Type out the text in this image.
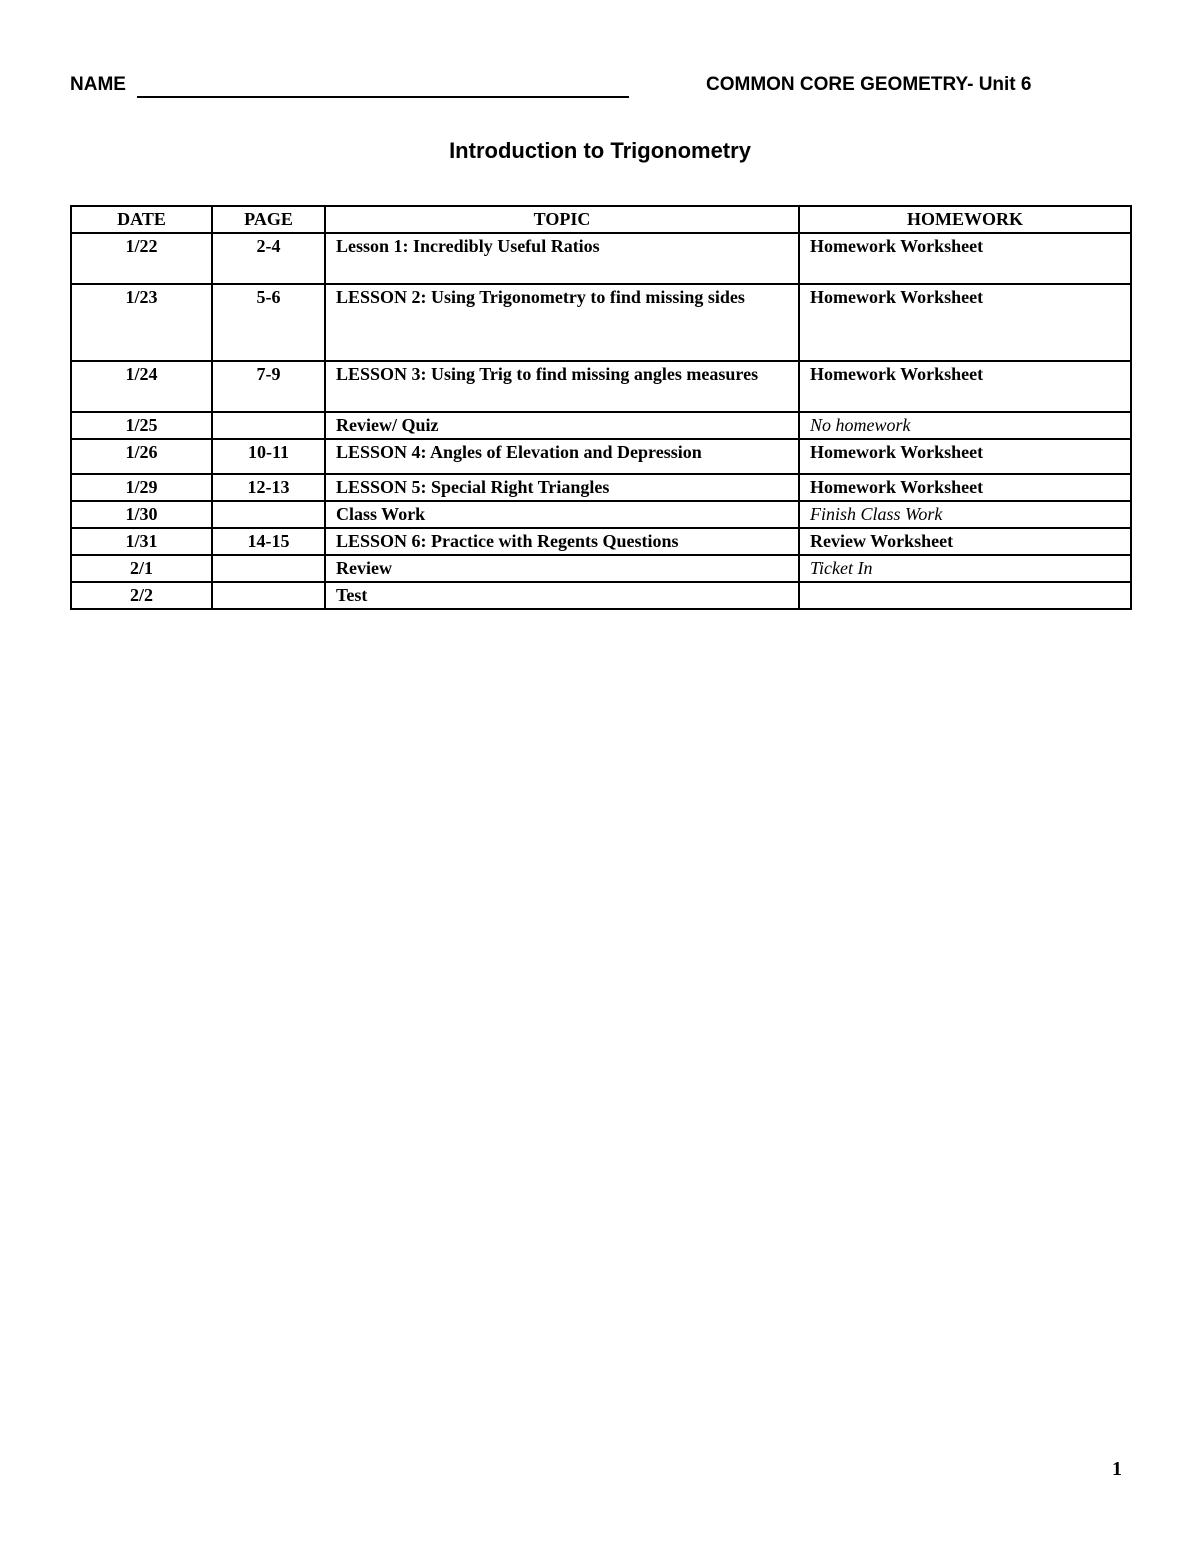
NAME	COMMON CORE GEOMETRY- Unit 6
Introduction to Trigonometry
DATE	PAGE	TOPIC	HOMEWORK
1/22	2-4	Lesson 1: Incredibly Useful Ratios	Homework Worksheet
1/23	5-6	LESSON 2: Using Trigonometry to find missing sides	Homework Worksheet
1/24	7-9	LESSON 3: Using Trig to find missing angles measures	Homework Worksheet
1/25		Review/ Quiz	No homework
1/26	10-11	LESSON 4: Angles of Elevation and Depression	Homework Worksheet
1/29	12-13	LESSON 5: Special Right Triangles	Homework Worksheet
1/30		Class Work	Finish Class Work
1/31	14-15	LESSON 6: Practice with Regents Questions	Review Worksheet
2/1		Review	Ticket In
2/2		Test	
1
